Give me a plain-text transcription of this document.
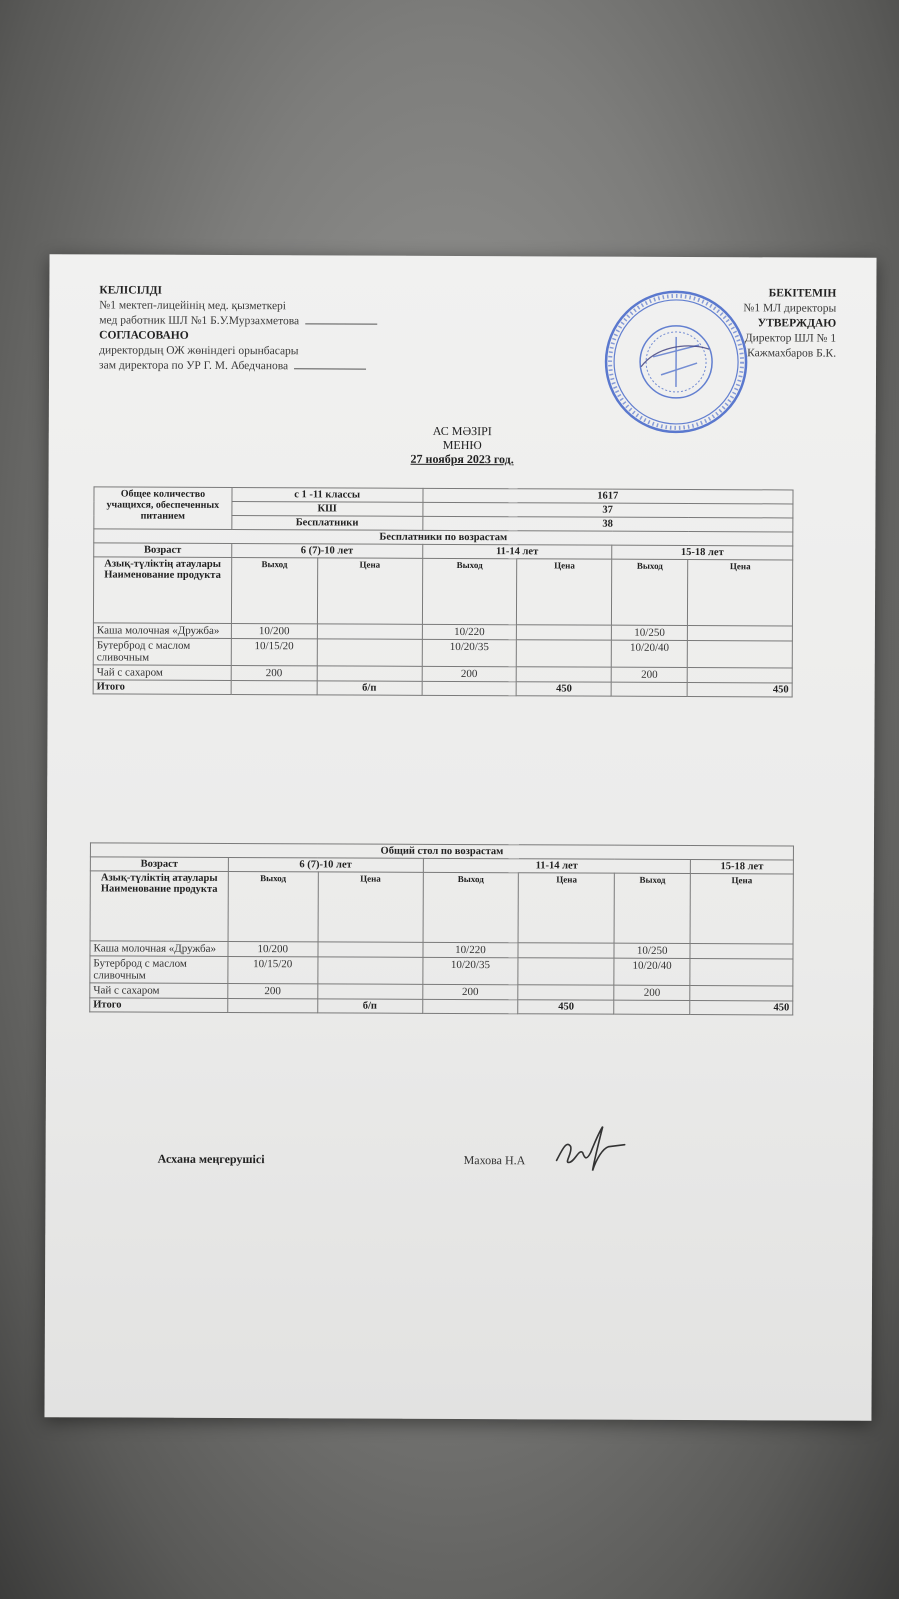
КЕЛІСІЛДІ
№1 мектеп-лицейінің мед. қызметкері
мед работник ШЛ №1 Б.У.Мурзахметова
СОГЛАСОВАНО
директордың ОЖ жөніндегі орынбасары
зам директора по УР Г. М. Абедчанова
БЕКІТЕМІН
№1 МЛ директоры
УТВЕРЖДАЮ
Директор ШЛ № 1
Кажмахбаров Б.К.
АС МӘЗІРІ
МЕНЮ
27 ноября 2023 год.
Общее количество учащихся, обеспеченных питанием	с 1 -11 классы		1617			
	КШ		37			
	Бесплатники		38			
Бесплатники по возрастам						
Возраст	6 (7)-10 лет		11-14 лет		15-18 лет	
Азық-түліктің атаулары Наименование продукта	Выход	Цена	Выход	Цена	Выход	Цена
Каша молочная «Дружба»	10/200		10/220		10/250	
Бутерброд с маслом сливочным	10/15/20		10/20/35		10/20/40	
Чай с сахаром	200		200		200	
Итого		б/п		450		450
Общий стол по возрастам						
Возраст	6 (7)-10 лет		11-14 лет			15-18 лет
Азық-түліктің атаулары Наименование продукта	Выход	Цена	Выход	Цена	Выход	Цена
Каша молочная «Дружба»	10/200		10/220		10/250	
Бутерброд с маслом сливочным	10/15/20		10/20/35		10/20/40	
Чай с сахаром	200		200		200	
Итого		б/п		450		450
Асхана меңгерушісі	Махова Н.А
